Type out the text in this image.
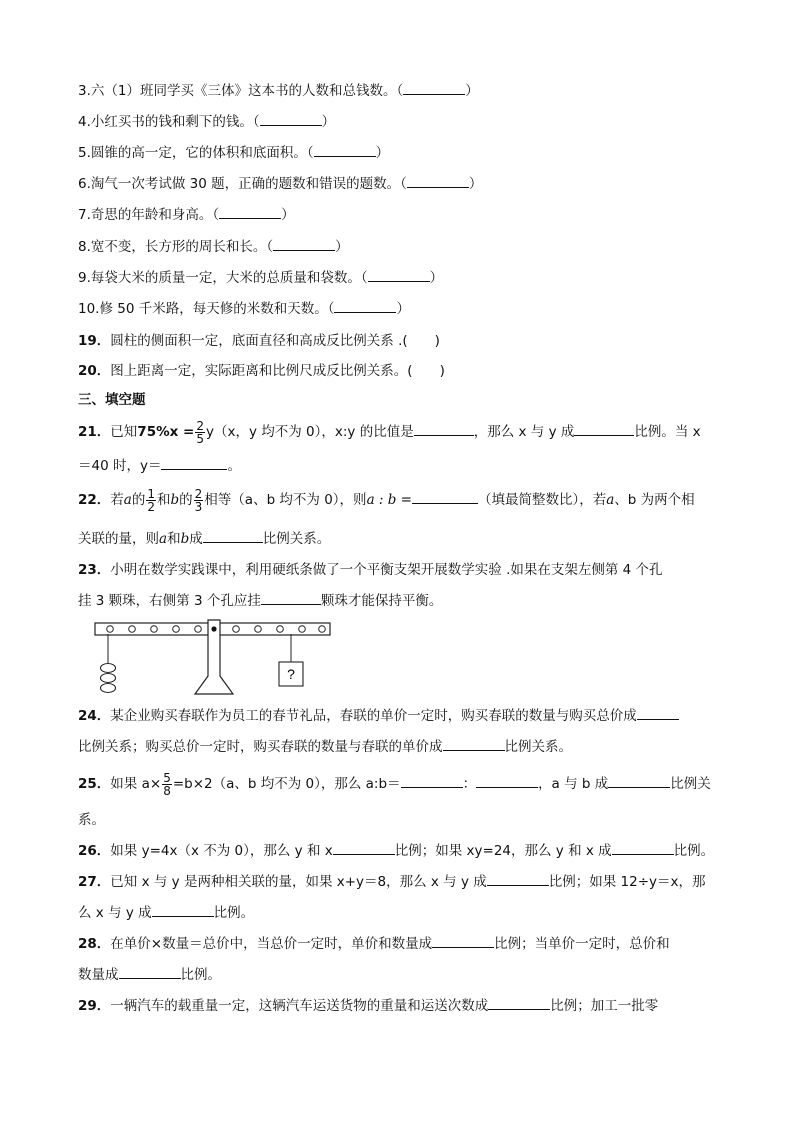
3.六（1）班同学买《三体》这本书的人数和总钱数。（	）
4.小红买书的钱和剩下的钱。（	）
5.圆锥的高一定，它的体积和底面积。（	）
6.淘气一次考试做 30 题，正确的题数和错误的题数。（	）
7.奇思的年龄和身高。（	）
8.宽不变，长方形的周长和长。（	）
9.每袋大米的质量一定，大米的总质量和袋数。（	）
10.修 50 千米路，每天修的米数和天数。（	）
19．圆柱的侧面积一定，底面直径和高成反比例关系 .(　　)
20．图上距离一定，实际距离和比例尺成反比例关系。(　　)
三、填空题
21．已知$75\%x = \frac{2}{5} y(x$，y 均不为 0），x:y 的比值是	，那么 x 与 y 成	比例。当 x
＝40 时，y＝	。
22．若a的 $\frac{1}{2}$ 和b的 $\frac{2}{3}$ 相等（a、b 均不为 0），则a : b =	（填最简整数比），若a、b 为两个相
关联的量，则a和b成	比例关系。
23．小明在数学实践课中，利用硬纸条做了一个平衡支架开展数学实验 .如果在支架左侧第 4 个孔
挂 3 颗珠，右侧第 3 个孔应挂	颗珠才能保持平衡。
?
24．某企业购买春联作为员工的春节礼品，春联的单价一定时，购买春联的数量与购买总价成
比例关系；购买总价一定时，购买春联的数量与春联的单价成	比例关系。
25．如果 $a\times \frac{5}{8} =b\times 2(a$、b 均不为 0），那么 a:b＝	：	，a 与 b 成	比例关
系。
26．如果 y=4x（x 不为 0），那么 y 和 x	比例；如果 xy=24，那么 y 和 x 成	比例。
27．已知 x 与 y 是两种相关联的量，如果 x+y＝8，那么 x 与 y 成	比例；如果 12÷y＝x，那
么 x 与 y 成	比例。
28．在单价×数量＝总价中，当总价一定时，单价和数量成	比例；当单价一定时，总价和
数量成	比例。
29．一辆汽车的载重量一定，这辆汽车运送货物的重量和运送次数成	比例；加工一批零
